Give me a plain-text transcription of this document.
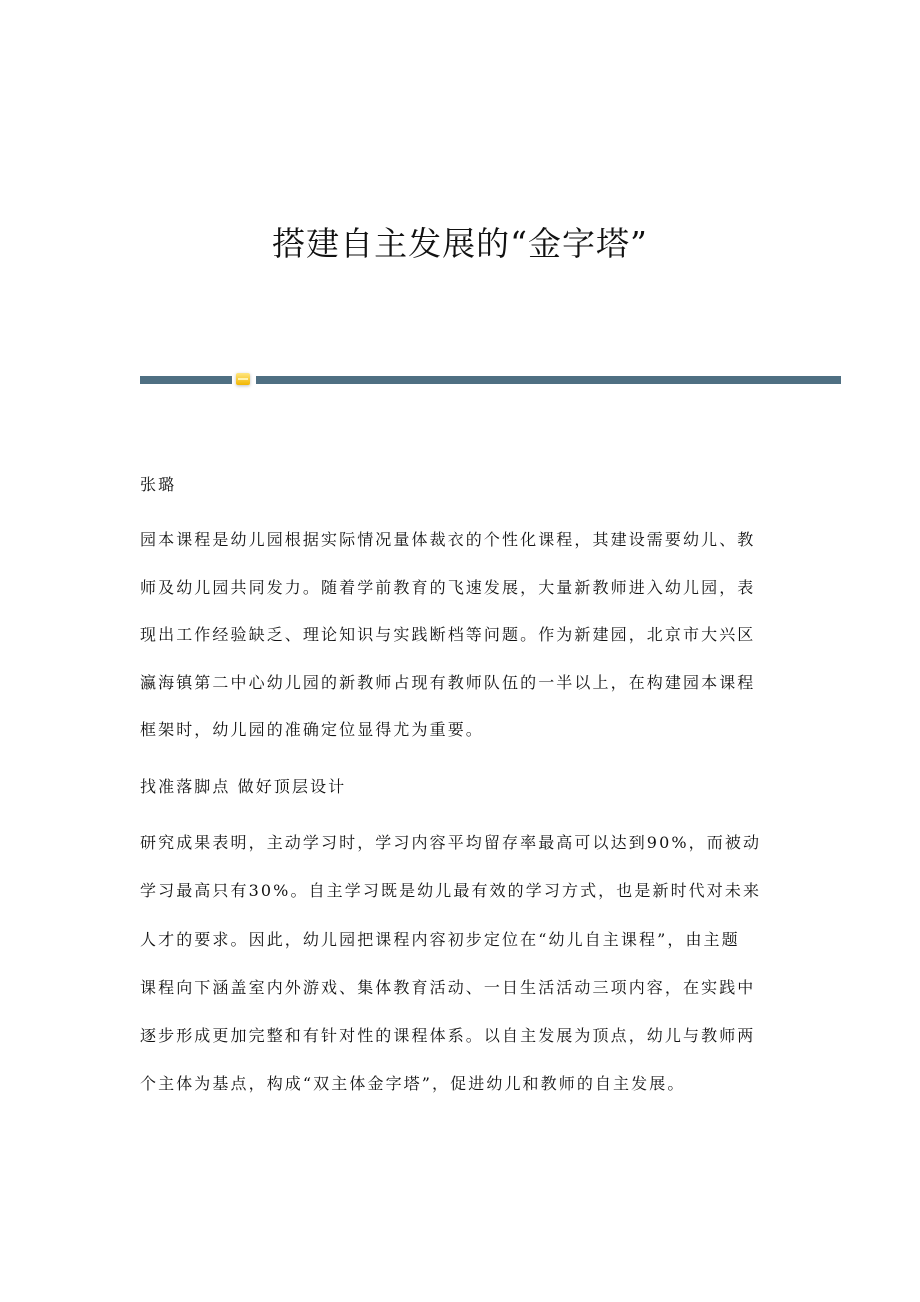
搭建自主发展的“金字塔”
张璐
园本课程是幼儿园根据实际情况量体裁衣的个性化课程，其建设需要幼儿、教
师及幼儿园共同发力。随着学前教育的飞速发展，大量新教师进入幼儿园，表
现出工作经验缺乏、理论知识与实践断档等问题。作为新建园，北京市大兴区
瀛海镇第二中心幼儿园的新教师占现有教师队伍的一半以上，在构建园本课程
框架时，幼儿园的准确定位显得尤为重要。
找准落脚点 做好顶层设计
研究成果表明，主动学习时，学习内容平均留存率最高可以达到90%，而被动
学习最高只有30%。自主学习既是幼儿最有效的学习方式，也是新时代对未来
人才的要求。因此，幼儿园把课程内容初步定位在“幼儿自主课程”，由主题
课程向下涵盖室内外游戏、集体教育活动、一日生活活动三项内容，在实践中
逐步形成更加完整和有针对性的课程体系。以自主发展为顶点，幼儿与教师两
个主体为基点，构成“双主体金字塔”，促进幼儿和教师的自主发展。
